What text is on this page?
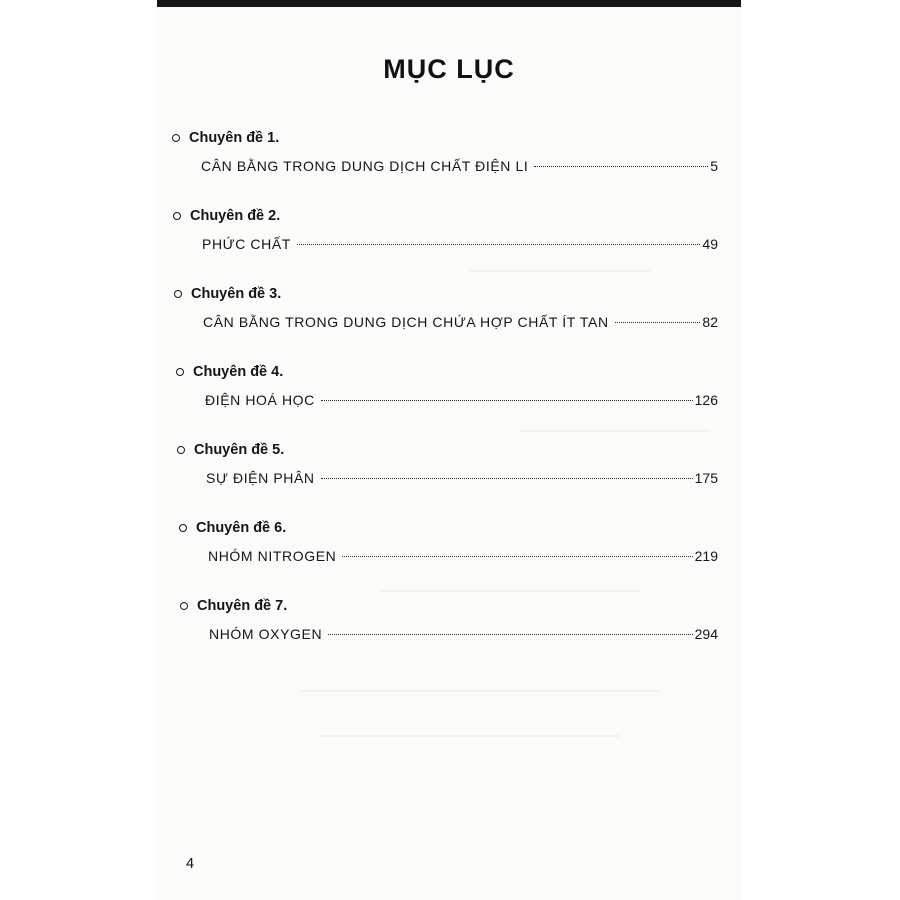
MỤC LỤC
Chuyên đề 1.
CÂN BẰNG TRONG DUNG DỊCH CHẤT ĐIỆN LI	5
Chuyên đề 2.
PHỨC CHẤT	49
Chuyên đề 3.
CÂN BẰNG TRONG DUNG DỊCH CHỨA HỢP CHẤT ÍT TAN	82
Chuyên đề 4.
ĐIỆN HOÁ HỌC	126
Chuyên đề 5.
SỰ ĐIỆN PHÂN	175
Chuyên đề 6.
NHÓM NITROGEN	219
Chuyên đề 7.
NHÓM OXYGEN	294
4
